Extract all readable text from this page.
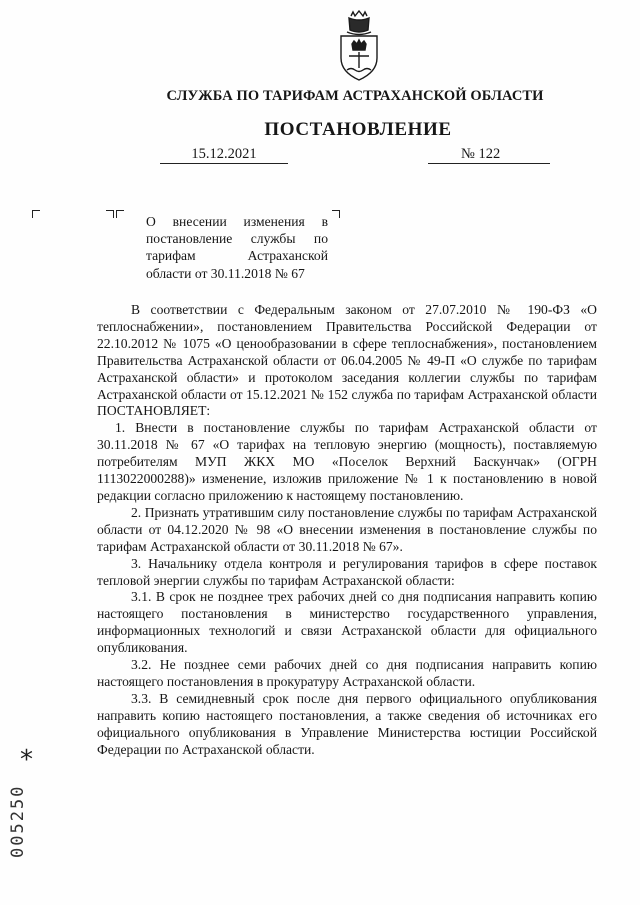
СЛУЖБА ПО ТАРИФАМ АСТРАХАНСКОЙ ОБЛАСТИ
ПОСТАНОВЛЕНИЕ
15.12.2021	№ 122
О внесении изменения в постановление службы по тарифам Астраханской области от 30.11.2018 № 67

В соответствии с Федеральным законом от 27.07.2010 № 190-ФЗ «О теплоснабжении», постановлением Правительства Российской Федерации от 22.10.2012 № 1075 «О ценообразовании в сфере теплоснабжения», постановлением Правительства Астраханской области от 06.04.2005 № 49-П «О службе по тарифам Астраханской области» и протоколом заседания коллегии службы по тарифам Астраханской области от 15.12.2021 № 152 служба по тарифам Астраханской области ПОСТАНОВЛЯЕТ:

1. Внести в постановление службы по тарифам Астраханской области от 30.11.2018 № 67 «О тарифах на тепловую энергию (мощность), поставляемую потребителям МУП ЖКХ МО «Поселок Верхний Баскунчак» (ОГРН 1113022000288)» изменение, изложив приложение № 1 к постановлению в новой редакции согласно приложению к настоящему постановлению.

2. Признать утратившим силу постановление службы по тарифам Астраханской области от 04.12.2020 № 98 «О внесении изменения в постановление службы по тарифам Астраханской области от 30.11.2018 № 67».

3. Начальнику отдела контроля и регулирования тарифов в сфере поставок тепловой энергии службы по тарифам Астраханской области:

3.1. В срок не позднее трех рабочих дней со дня подписания направить копию настоящего постановления в министерство государственного управления, информационных технологий и связи Астраханской области для официального опубликования.

3.2. Не позднее семи рабочих дней со дня подписания направить копию настоящего постановления в прокуратуру Астраханской области.

3.3. В семидневный срок после дня первого официального опубликования направить копию настоящего постановления, а также сведения об источниках его официального опубликования в Управление Министерства юстиции Российской Федерации по Астраханской области.

*
005250
